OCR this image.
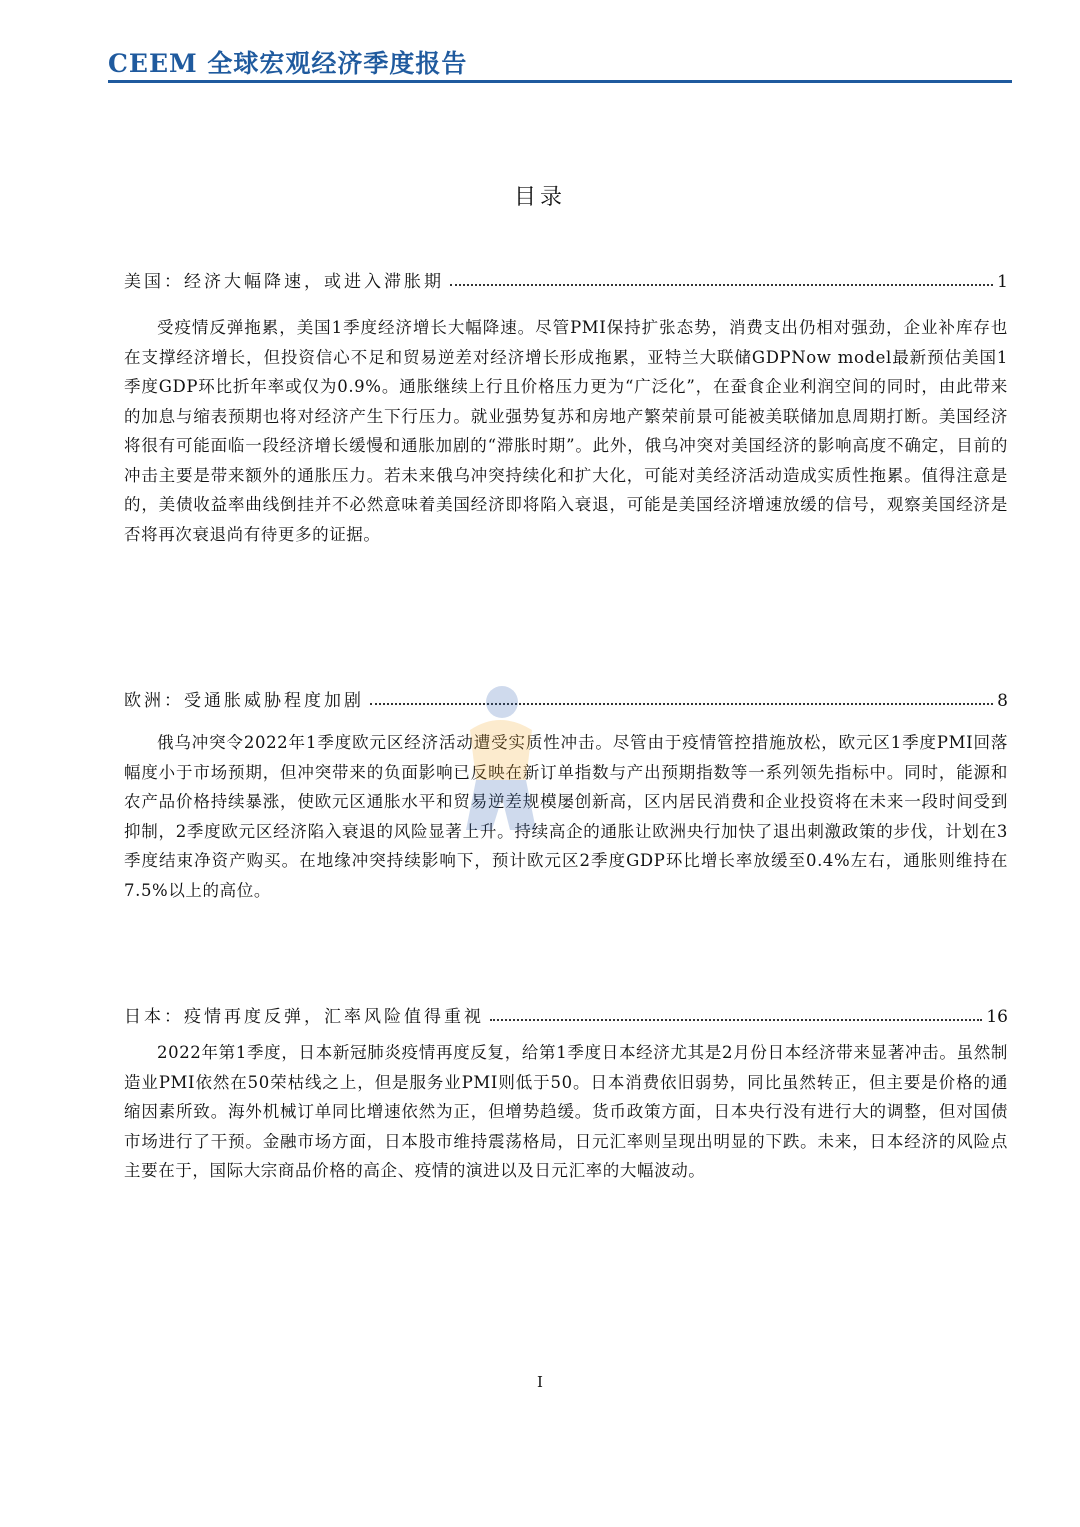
CEEM 全球宏观经济季度报告
目录
美国：经济大幅降速，或进入滞胀期	1

受疫情反弹拖累，美国1季度经济增长大幅降速。尽管PMI保持扩张态势，消费支出仍相对强劲，企业补库存也在支撑经济增长，但投资信心不足和贸易逆差对经济增长形成拖累，亚特兰大联储GDPNow model最新预估美国1季度GDP环比折年率或仅为0.9%。通胀继续上行且价格压力更为“广泛化”，在蚕食企业利润空间的同时，由此带来的加息与缩表预期也将对经济产生下行压力。就业强势复苏和房地产繁荣前景可能被美联储加息周期打断。美国经济将很有可能面临一段经济增长缓慢和通胀加剧的“滞胀时期”。此外，俄乌冲突对美国经济的影响高度不确定，目前的冲击主要是带来额外的通胀压力。若未来俄乌冲突持续化和扩大化，可能对美经济活动造成实质性拖累。值得注意是的，美债收益率曲线倒挂并不必然意味着美国经济即将陷入衰退，可能是美国经济增速放缓的信号，观察美国经济是否将再次衰退尚有待更多的证据。

欧洲：受通胀威胁程度加剧	8

俄乌冲突令2022年1季度欧元区经济活动遭受实质性冲击。尽管由于疫情管控措施放松，欧元区1季度PMI回落幅度小于市场预期，但冲突带来的负面影响已反映在新订单指数与产出预期指数等一系列领先指标中。同时，能源和农产品价格持续暴涨，使欧元区通胀水平和贸易逆差规模屡创新高，区内居民消费和企业投资将在未来一段时间受到抑制，2季度欧元区经济陷入衰退的风险显著上升。持续高企的通胀让欧洲央行加快了退出刺激政策的步伐，计划在3季度结束净资产购买。在地缘冲突持续影响下，预计欧元区2季度GDP环比增长率放缓至0.4%左右，通胀则维持在7.5%以上的高位。

日本：疫情再度反弹，汇率风险值得重视	16

2022年第1季度，日本新冠肺炎疫情再度反复，给第1季度日本经济尤其是2月份日本经济带来显著冲击。虽然制造业PMI依然在50荣枯线之上，但是服务业PMI则低于50。日本消费依旧弱势，同比虽然转正，但主要是价格的通缩因素所致。海外机械订单同比增速依然为正，但增势趋缓。货币政策方面，日本央行没有进行大的调整，但对国债市场进行了干预。金融市场方面，日本股市维持震荡格局，日元汇率则呈现出明显的下跌。未来，日本经济的风险点主要在于，国际大宗商品价格的高企、疫情的演进以及日元汇率的大幅波动。

I
